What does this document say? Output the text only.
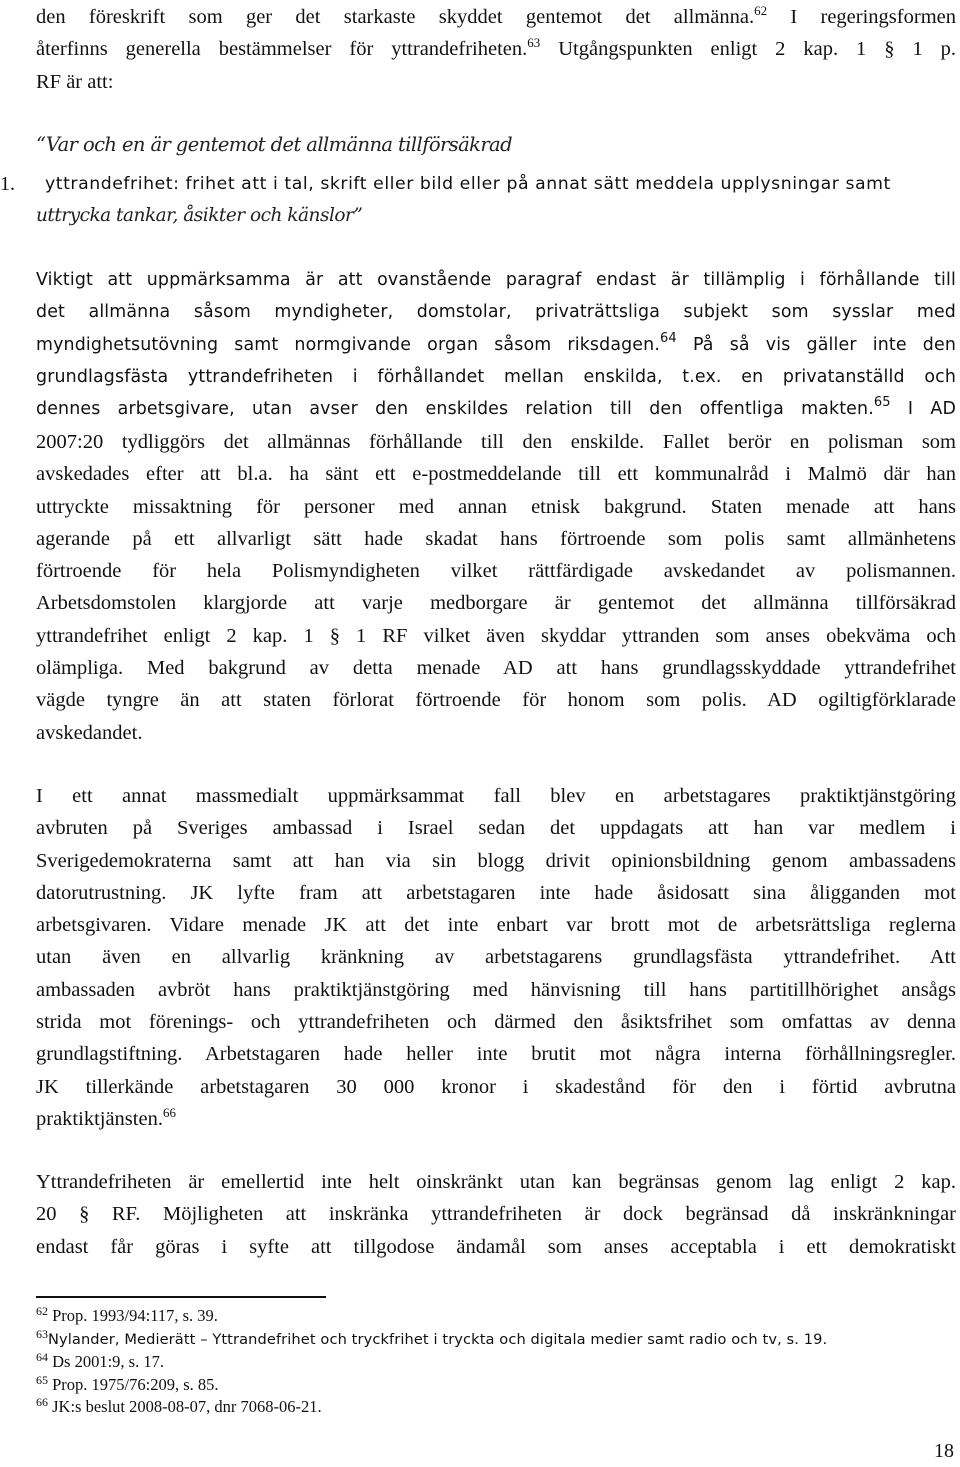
den föreskrift som ger det starkaste skyddet gentemot det allmänna.$^{62}$ I regeringsformen
återfinns generella bestämmelser för yttrandefriheten.$^{63}$ Utgångspunkten enligt 2 kap. 1 § 1 p.
RF är att:
“Var och en är gentemot det allmänna tillförsäkrad
1. yttrandefrihet: frihet att i tal, skrift eller bild eller på annat sätt meddela upplysningar samt
uttrycka tankar, åsikter och känslor”
Viktigt att uppmärksamma är att ovanstående paragraf endast är tillämplig i förhållande till
det allmänna såsom myndigheter, domstolar, privaträttsliga subjekt som sysslar med
myndighetsutövning samt normgivande organ såsom riksdagen.$^{64}$ På så vis gäller inte den
grundlagsfästa yttrandefriheten i förhållandet mellan enskilda, t.ex. en privatanställd och
dennes arbetsgivare, utan avser den enskildes relation till den offentliga makten.$^{65}$ I AD
2007:20 tydliggörs det allmännas förhållande till den enskilde. Fallet berör en polisman som
avskedades efter att bl.a. ha sänt ett e-postmeddelande till ett kommunalråd i Malmö där han
uttryckte missaktning för personer med annan etnisk bakgrund. Staten menade att hans
agerande på ett allvarligt sätt hade skadat hans förtroende som polis samt allmänhetens
förtroende för hela Polismyndigheten vilket rättfärdigade avskedandet av polismannen.
Arbetsdomstolen klargjorde att varje medborgare är gentemot det allmänna tillförsäkrad
yttrandefrihet enligt 2 kap. 1 § 1 RF vilket även skyddar yttranden som anses obekväma och
olämpliga. Med bakgrund av detta menade AD att hans grundlagsskyddade yttrandefrihet
vägde tyngre än att staten förlorat förtroende för honom som polis. AD ogiltigförklarade
avskedandet.
I ett annat massmedialt uppmärksammat fall blev en arbetstagares praktiktjänstgöring
avbruten på Sveriges ambassad i Israel sedan det uppdagats att han var medlem i
Sverigedemokraterna samt att han via sin blogg drivit opinionsbildning genom ambassadens
datorutrustning. JK lyfte fram att arbetstagaren inte hade åsidosatt sina åligganden mot
arbetsgivaren. Vidare menade JK att det inte enbart var brott mot de arbetsrättsliga reglerna
utan även en allvarlig kränkning av arbetstagarens grundlagsfästa yttrandefrihet. Att
ambassaden avbröt hans praktiktjänstgöring med hänvisning till hans partitillhörighet ansågs
strida mot förenings- och yttrandefriheten och därmed den åsiktsfrihet som omfattas av denna
grundlagstiftning. Arbetstagaren hade heller inte brutit mot några interna förhållningsregler.
JK tillerkände arbetstagaren 30 000 kronor i skadestånd för den i förtid avbrutna
praktiktjänsten.$^{66}$
Yttrandefriheten är emellertid inte helt oinskränkt utan kan begränsas genom lag enligt 2 kap.
20 § RF. Möjligheten att inskränka yttrandefriheten är dock begränsad då inskränkningar
endast får göras i syfte att tillgodose ändamål som anses acceptabla i ett demokratiskt
$^{62}$ Prop. 1993/94:117, s. 39.
$^{63}$Nylander, Medierätt – Yttrandefrihet och tryckfrihet i tryckta och digitala medier samt radio och tv, s. 19.
$^{64}$ Ds 2001:9, s. 17.
$^{65}$ Prop. 1975/76:209, s. 85.
$^{66}$ JK:s beslut 2008-08-07, dnr 7068-06-21.
18
